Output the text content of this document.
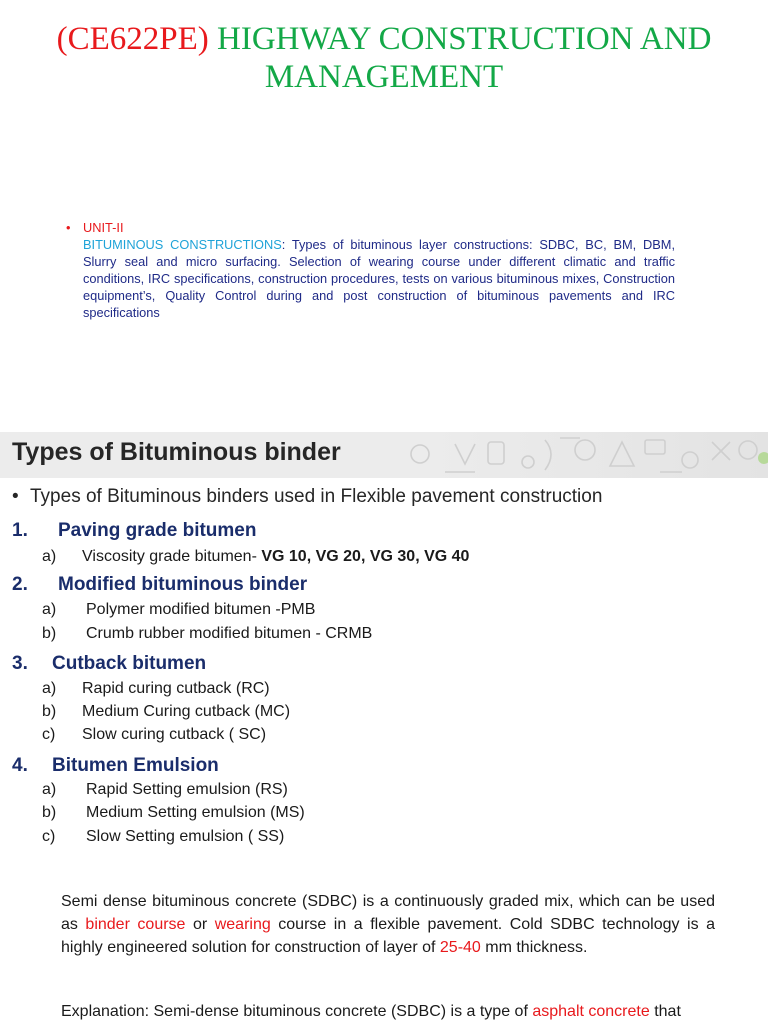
(CE622PE) HIGHWAY CONSTRUCTION AND
MANAGEMENT
• UNIT-II
BITUMINOUS CONSTRUCTIONS: Types of bituminous layer constructions: SDBC, BC, BM, DBM, Slurry seal and micro surfacing. Selection of wearing course under different climatic and traffic conditions, IRC specifications, construction procedures, tests on various bituminous mixes, Construction equipment’s, Quality Control during and post construction of bituminous pavements and IRC specifications
Types of Bituminous binder
• Types of Bituminous binders used in Flexible pavement construction
1. Paving grade bitumen
a) Viscosity grade bitumen- VG 10, VG 20, VG 30, VG 40
2. Modified bituminous binder
a) Polymer modified bitumen -PMB
b) Crumb rubber modified bitumen - CRMB
3. Cutback bitumen
a) Rapid curing cutback (RC)
b) Medium Curing cutback (MC)
c) Slow curing cutback ( SC)
4. Bitumen Emulsion
a) Rapid Setting emulsion (RS)
b) Medium Setting emulsion (MS)
c) Slow Setting emulsion ( SS)
Semi dense bituminous concrete (SDBC) is a continuously graded mix, which can be used as binder course or wearing course in a flexible pavement. Cold SDBC technology is a highly engineered solution for construction of layer of 25-40 mm thickness.
Explanation: Semi-dense bituminous concrete (SDBC) is a type of asphalt concrete that
